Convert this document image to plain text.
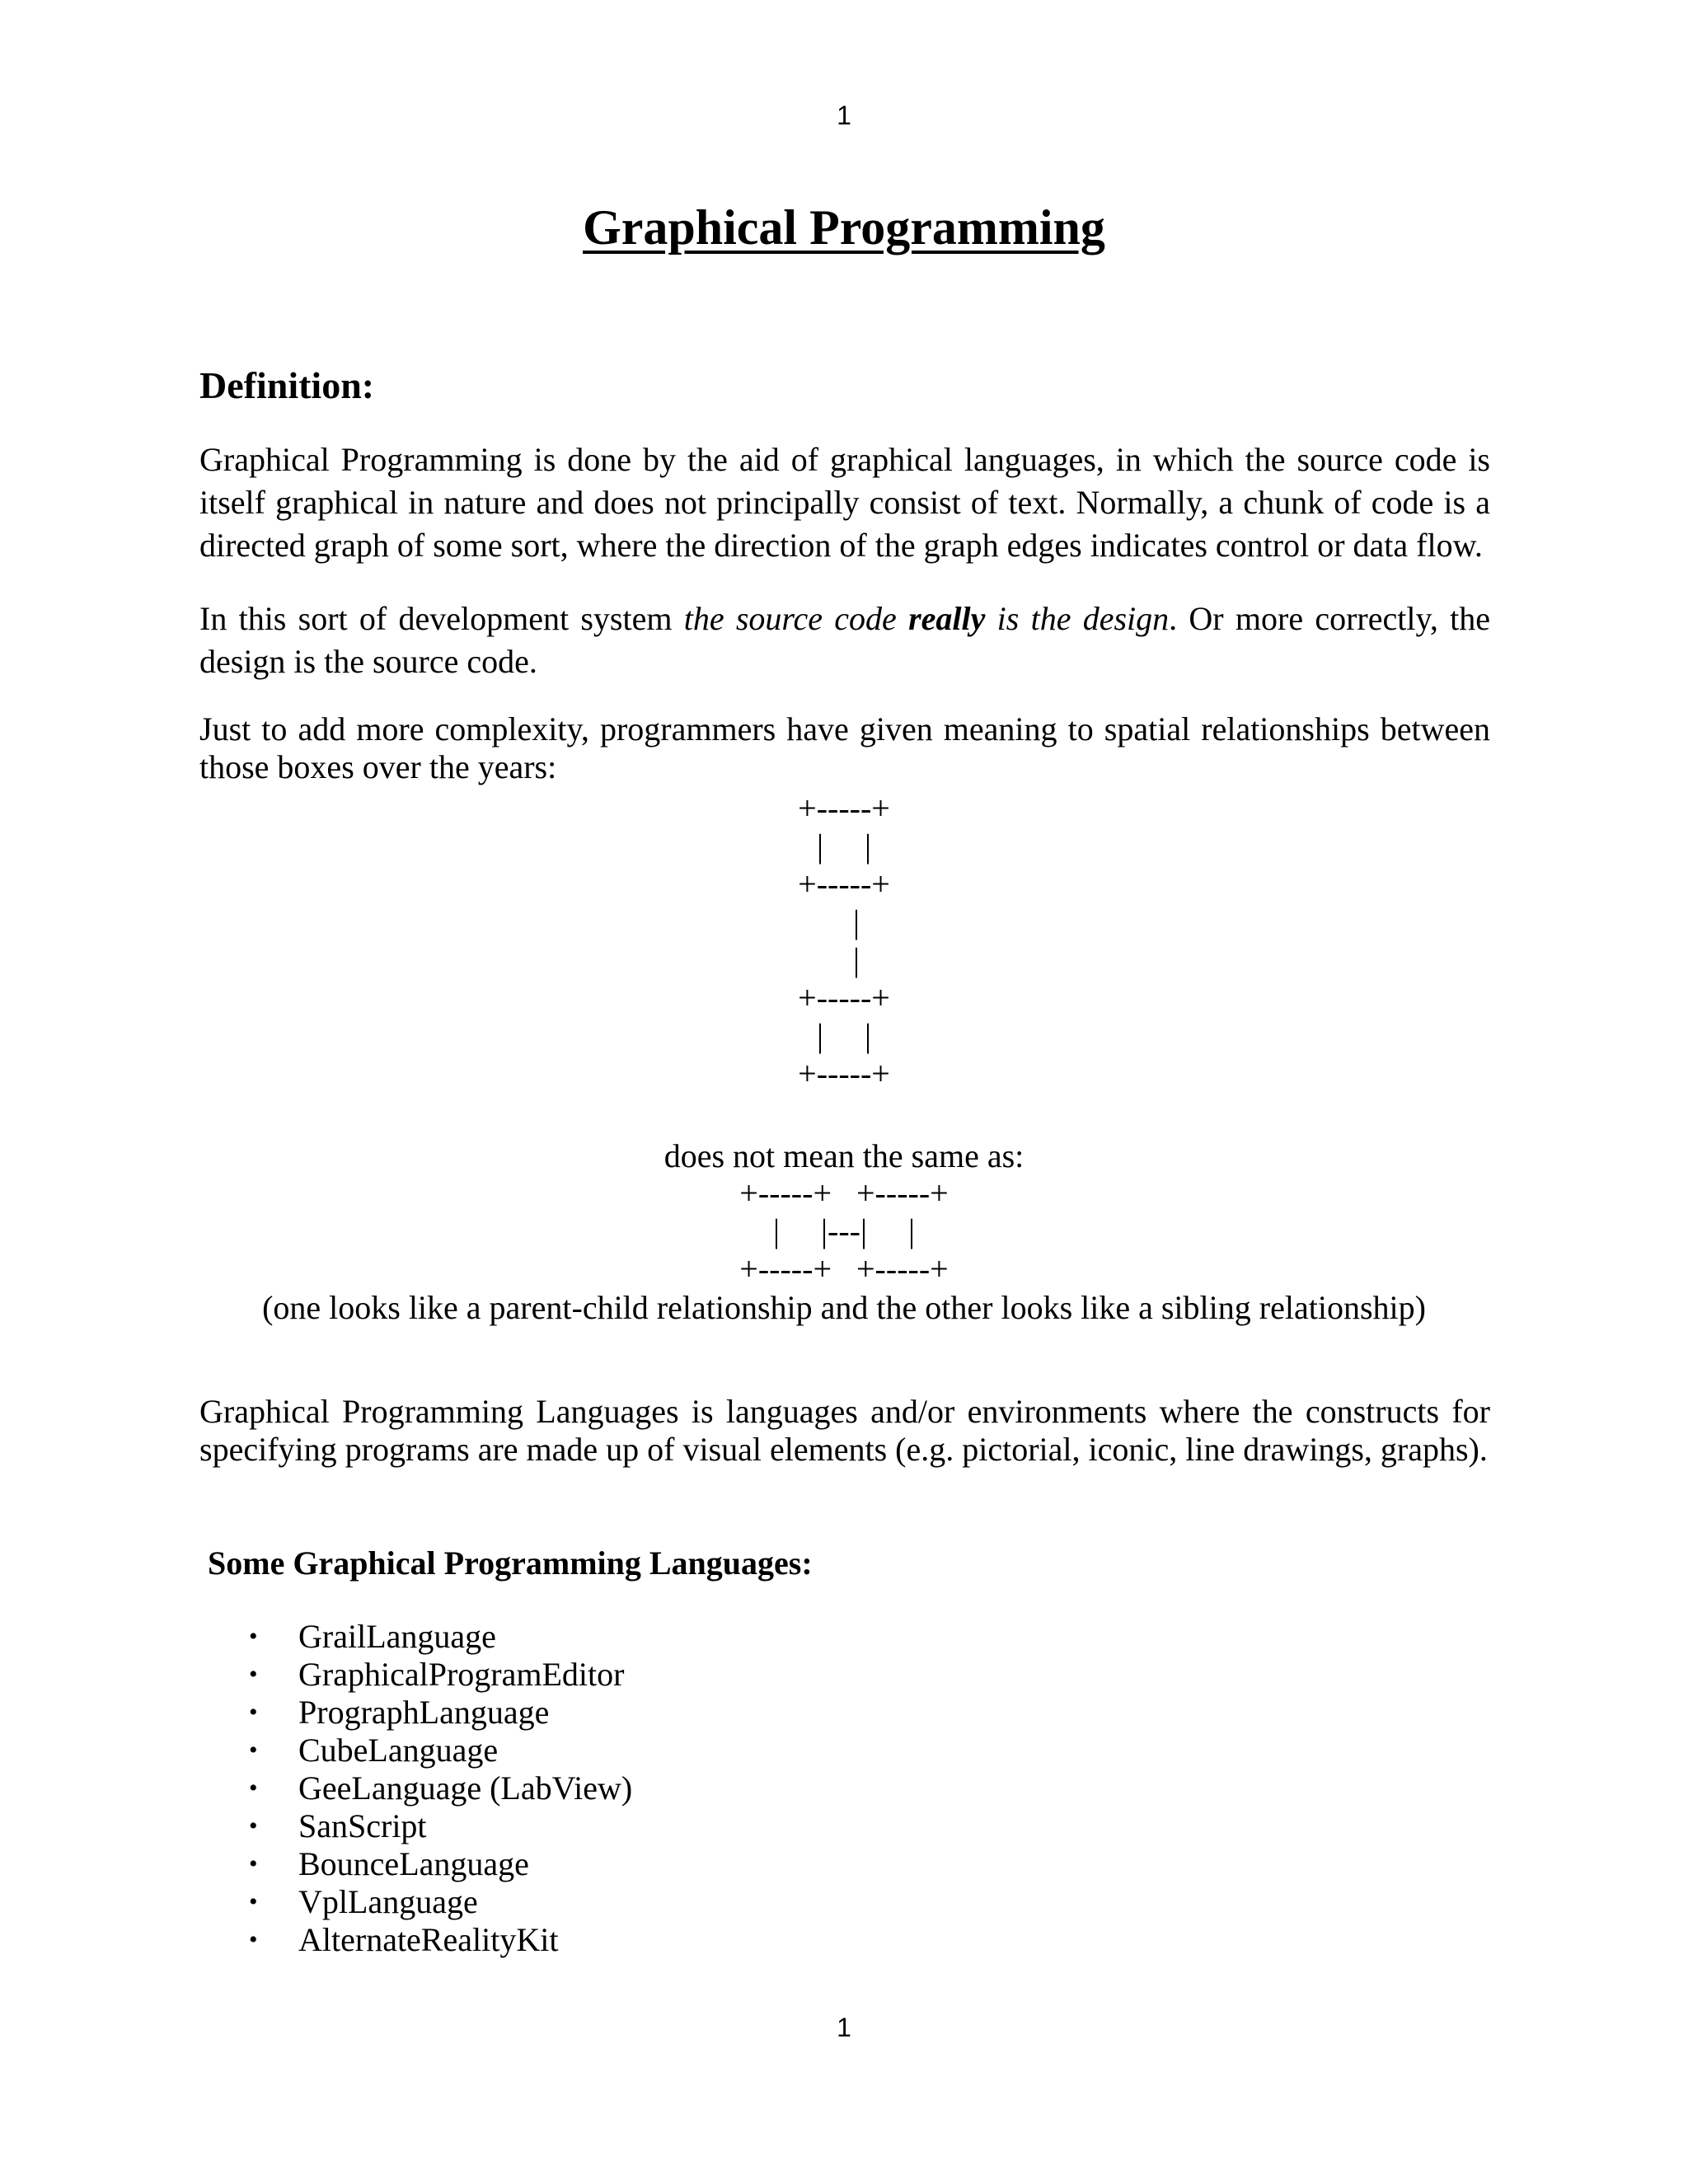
1
Graphical Programming
Definition:
Graphical Programming is done by the aid of graphical languages, in which the source code is itself graphical in nature and does not principally consist of text. Normally, a chunk of code is a directed graph of some sort, where the direction of the graph edges indicates control or data flow.
In this sort of development system the source code really is the design. Or more correctly, the design is the source code.
Just to add more complexity, programmers have given meaning to spatial relationships between those boxes over the years:
+-----+
|     |
+-----+
|
|
+-----+
|     |
+-----+
does not mean the same as:
+-----+   +-----+
|     |---|     |
+-----+   +-----+
(one looks like a parent-child relationship and the other looks like a sibling relationship)
Graphical Programming Languages is languages and/or environments where the constructs for specifying programs are made up of visual elements (e.g. pictorial, iconic, line drawings, graphs).
Some Graphical Programming Languages:
• GrailLanguage
• GraphicalProgramEditor
• PrographLanguage
• CubeLanguage
• GeeLanguage (LabView)
• SanScript
• BounceLanguage
• VplLanguage
• AlternateRealityKit
1
